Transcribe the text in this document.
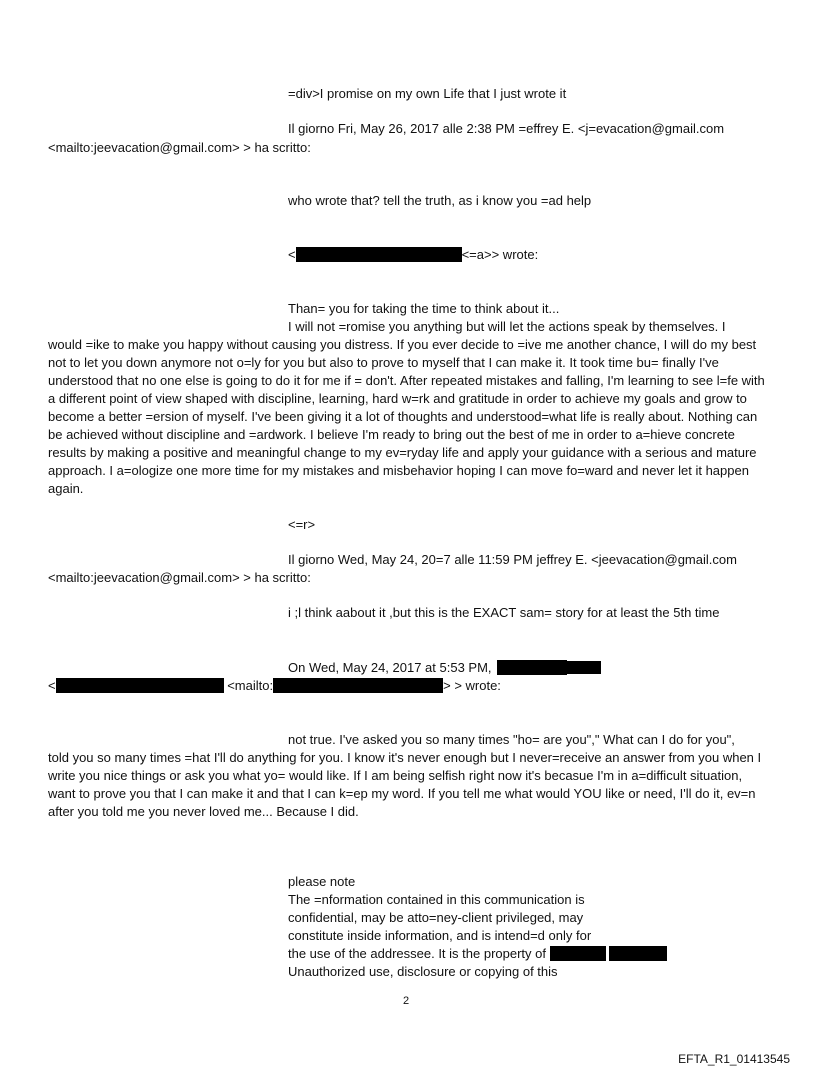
=div>I promise on my own Life that I just wrote it
Il giorno Fri, May 26, 2017 alle 2:38 PM =effrey E. <j=evacation@gmail.com
<mailto:jeevacation@gmail.com> > ha scritto:
who wrote that? tell the truth, as i know you =ad help
<	<=a>> wrote:
Than= you for taking the time to think about it...
I will not =romise you anything but will let the actions speak by themselves. I
would =ike to make you happy without causing you distress. If you ever decide to =ive me another chance, I will do my best not to let you down anymore not o=ly for you but also to prove to myself that I can make it. It took time bu= finally I've understood that no one else is going to do it for me if = don't. After repeated mistakes and falling, I'm learning to see l=fe with a different point of view shaped with discipline, learning, hard w=rk and gratitude in order to achieve my goals and grow to become a better =ersion of myself. I've been giving it a lot of thoughts and understood=what life is really about. Nothing can be achieved without discipline and =ardwork. I believe I'm ready to bring out the best of me in order to a=hieve concrete results by making a positive and meaningful change to my ev=ryday life and apply your guidance with a serious and mature approach. I a=ologize one more time for my mistakes and misbehavior hoping I can move fo=ward and never let it happen again.
<=r>
Il giorno Wed, May 24, 20=7 alle 11:59 PM jeffrey E. <jeevacation@gmail.com
<mailto:jeevacation@gmail.com> > ha scritto:
i ;l think aabout it ,but this is the EXACT sam= story for at least the 5th time
On Wed, May 24, 2017 at 5:53 PM,
<	<mailto:	> > wrote:
not true. I've asked you so many times "ho= are you"," What can I do for you",
told you so many times =hat I'll do anything for you. I know it's never enough but I never=receive an answer from you when I write you nice things or ask you what yo= would like. If I am being selfish right now it's becasue I'm in a=difficult situation, want to prove you that I can make it and that I can k=ep my word. If you tell me what would YOU like or need, I'll do it, ev=n after you told me you never loved me... Because I did.
please note
The =nformation contained in this communication is
confidential, may be atto=ney-client privileged, may
constitute inside information, and is intend=d only for
the use of the addressee. It is the property of
Unauthorized use, disclosure or copying of this
2
EFTA_R1_01413545
